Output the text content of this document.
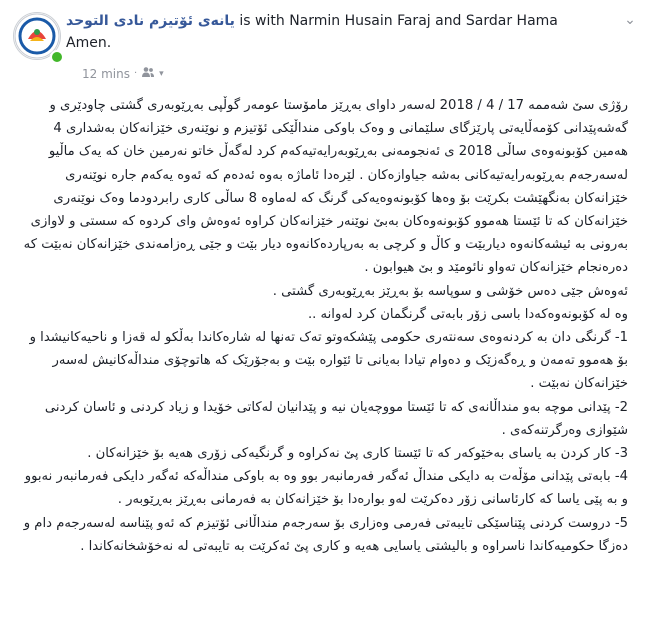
یانەی ئۆتیزم نادی التوحد is with Narmin Husain Faraj and Sardar Hama Amen.
12 mins · ▾
⌄

رۆژی سێ شەممە 17 / 4 / 2018 لەسەر داوای بەڕێز مامۆستا عومەر گوڵپی بەڕێوبەری گشتی چاودێری و گەشەپێدانی کۆمەڵایەتی پارێزگای سلێمانی و وەک باوکی منداڵێکی ئۆتیزم و نوێنەری خێزانەکان بەشداری 4 هەمین کۆبونەوەی ساڵی 2018 ی ئەنجومەنی بەڕێوبەرایەتیەکەم کرد لەگەڵ خاتو نەرمین خان کە یەک ماڵیو لەسەرجەم بەڕێوبەرایەتیەکانی بەشە جیاوازەکان . لێرەدا ئاماژە بەوە ئەدەم کە ئەوە یەکەم جارە نوێنەری خێزانەکان بەنگهێشت بکرێت بۆ وەها کۆبونەوەیەکی گرنگ کە لەماوە 8 ساڵی کاری رابردودما وەک نوێنەری خێزانەکان کە تا ئێستا هەموو کۆبونەوەکان بەبێ نوێنەر خێزانەکان کراوە ئەوەش وای کردوە کە سستی و لاوازی بەرونی بە ئیشەکانەوە دیاربێت و کاڵ و کرچی بە بەرپاردەکانەوە دیار بێت و جێی ڕەزامەندی خێزانەکان نەبێت کە دەرەنجام خێزانەکان تەواو نائومێد و بێ هیوابون .

ئەوەش جێی دەس خۆشی و سوپاسە بۆ بەڕێز بەڕێوبەری گشتی .

وە لە کۆبونەوەکەدا باسی زۆر بابەتی گرنگمان کرد لەوانە ..

1- گرنگی دان بە کردنەوەی سەنتەری حکومی پێشکەوتو تەک تەنها لە شارەکاندا بەڵکو لە قەزا و ناحیەکانیشدا و بۆ هەموو تەمەن و ڕەگەزێک و دەوام تیادا بەیانی تا ئێوارە بێت و بەجۆرێک کە هاتوچۆی منداڵەکانیش لەسەر خێزانەکان نەبێت .

2- پێدانی موچە بەو منداڵانەی کە تا ئێستا مووچەیان نیە و پێدانیان لەکاتی خۆیدا و زیاد کردنی و ئاسان کردنی شێوازی وەرگرتنەکەی .

3- کار کردن بە یاسای بەخێوکەر کە تا ئێستا کاری پێ نەکراوە و گرنگیەکی زۆری هەیە بۆ خێزانەکان .

4- بابەتی پێدانی مۆڵەت بە دایکی منداڵ ئەگەر فەرمانبەر بوو وە بە باوکی منداڵەکە ئەگەر دایکی فەرمانبەر نەبوو و بە پێی یاسا کە کارئاسانی زۆر دەکرێت لەو بوارەدا بۆ خێزانەکان بە فەرمانی بەڕێز بەڕێوبەر .

5- دروست کردنی پێناسێکی تایبەتی فەرمی وەزاری بۆ سەرجەم منداڵانی ئۆتیزم کە ئەو پێناسە لەسەرجەم دام و دەزگا حکومیەکاندا ناسراوە و بالیشتی یاسایی هەیە و کاری پێ ئەکرێت بە تایبەتی لە نەخۆشخانەکاندا .
